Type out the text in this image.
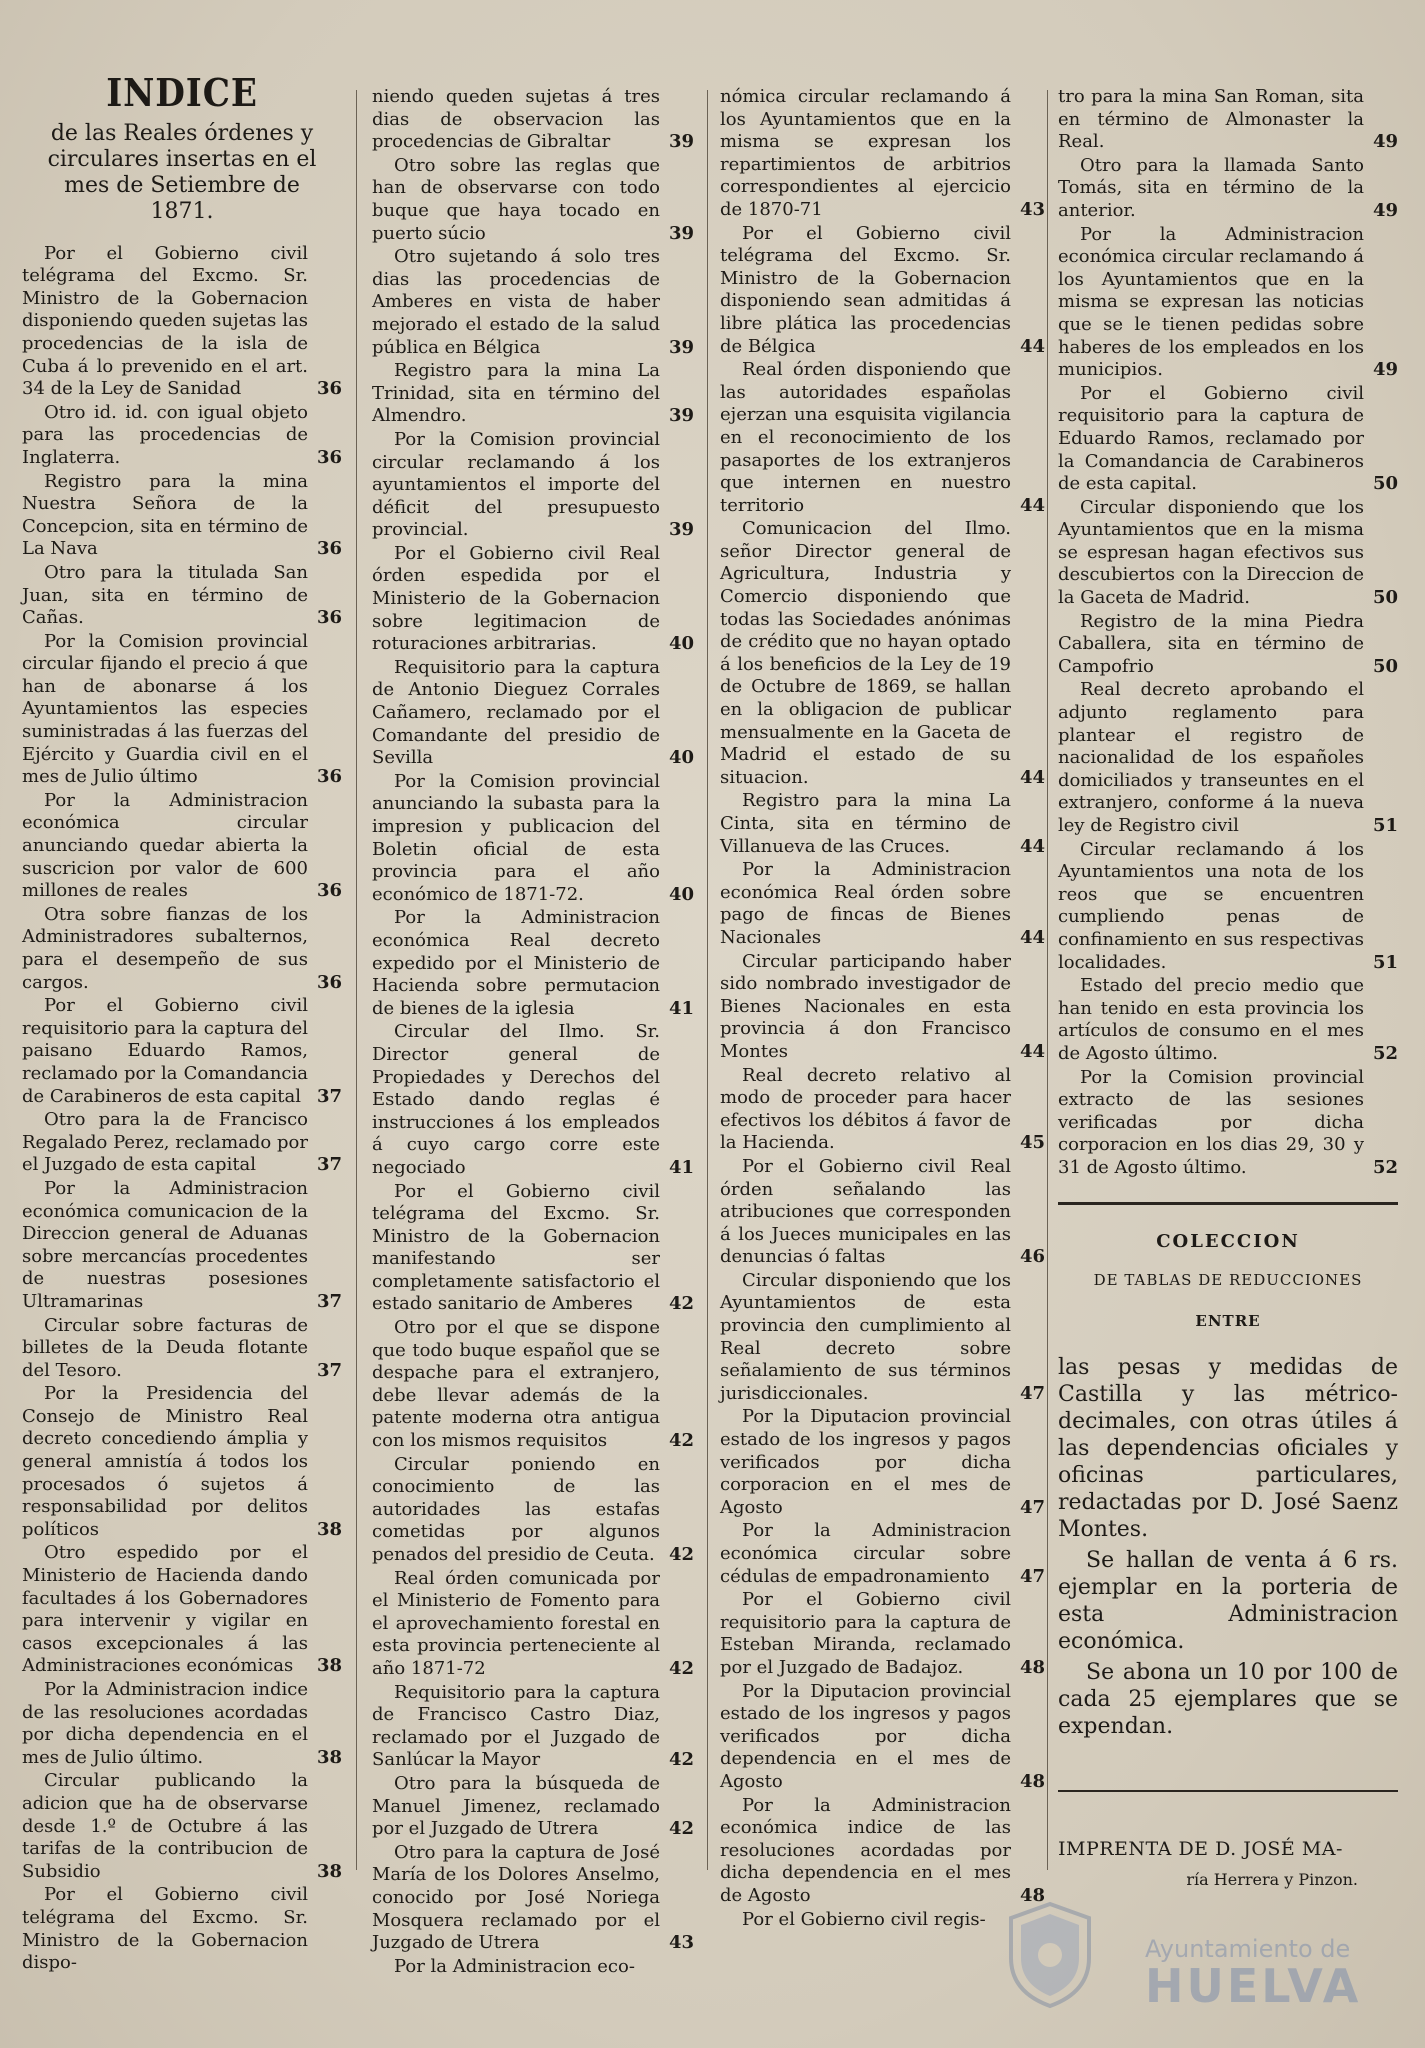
INDICE

de las Reales órdenes y circulares insertas en el mes de Setiembre de 1871.

Por el Gobierno civil telégrama del Excmo. Sr. Ministro de la Gobernacion disponiendo queden sujetas las procedencias de la isla de Cuba á lo prevenido en el art. 34 de la Ley de Sanidad	36

Otro id. id. con igual objeto para las procedencias de Inglaterra.	36

Registro para la mina Nuestra Señora de la Concepcion, sita en término de La Nava	36

Otro para la titulada San Juan, sita en término de Cañas.	36

Por la Comision provincial circular fijando el precio á que han de abonarse á los Ayuntamientos las especies suministradas á las fuerzas del Ejército y Guardia civil en el mes de Julio último	36

Por la Administracion económica circular anunciando quedar abierta la suscricion por valor de 600 millones de reales	36

Otra sobre fianzas de los Administradores subalternos, para el desempeño de sus cargos.	36

Por el Gobierno civil requisitorio para la captura del paisano Eduardo Ramos, reclamado por la Comandancia de Carabineros de esta capital 37

Otro para la de Francisco Regalado Perez, reclamado por el Juzgado de esta capital	37

Por la Administracion económica comunicacion de la Direccion general de Aduanas sobre mercancías procedentes de nuestras posesiones Ultramarinas	37

Circular sobre facturas de billetes de la Deuda flotante del Tesoro.	37

Por la Presidencia del Consejo de Ministro Real decreto concediendo ámplia y general amnistía á todos los procesados ó sujetos á responsabilidad por delitos políticos	38

Otro espedido por el Ministerio de Hacienda dando facultades á los Gobernadores para intervenir y vigilar en casos excepcionales á las Administraciones económicas	38

Por la Administracion indice de las resoluciones acordadas por dicha dependencia en el mes de Julio último.	38

Circular publicando la adicion que ha de observarse desde 1.º de Octubre á las tarifas de la contribucion de Subsidio	38

Por el Gobierno civil telégrama del Excmo. Sr. Ministro de la Gobernacion dispo-

niendo queden sujetas á tres dias de observacion las procedencias de Gibraltar	39

Otro sobre las reglas que han de observarse con todo buque que haya tocado en puerto súcio	39

Otro sujetando á solo tres dias las procedencias de Amberes en vista de haber mejorado el estado de la salud pública en Bélgica	39

Registro para la mina La Trinidad, sita en término del Almendro.	39

Por la Comision provincial circular reclamando á los ayuntamientos el importe del déficit del presupuesto provincial.	39

Por el Gobierno civil Real órden espedida por el Ministerio de la Gobernacion sobre legitimacion de roturaciones arbitrarias.	40

Requisitorio para la captura de Antonio Dieguez Corrales Cañamero, reclamado por el Comandante del presidio de Sevilla	40

Por la Comision provincial anunciando la subasta para la impresion y publicacion del Boletin oficial de esta provincia para el año económico de 1871-72.	40

Por la Administracion económica Real decreto expedido por el Ministerio de Hacienda sobre permutacion de bienes de la iglesia	41

Circular del Ilmo. Sr. Director general de Propiedades y Derechos del Estado dando reglas é instrucciones á los empleados á cuyo cargo corre este negociado	41

Por el Gobierno civil telégrama del Excmo. Sr. Ministro de la Gobernacion manifestando ser completamente satisfactorio el estado sanitario de Amberes	42

Otro por el que se dispone que todo buque español que se despache para el extranjero, debe llevar además de la patente moderna otra antigua con los mismos requisitos	42

Circular poniendo en conocimiento de las autoridades las estafas cometidas por algunos penados del presidio de Ceuta. 42

Real órden comunicada por el Ministerio de Fomento para el aprovechamiento forestal en esta provincia perteneciente al año 1871-72	42

Requisitorio para la captura de Francisco Castro Diaz, reclamado por el Juzgado de Sanlúcar la Mayor	42

Otro para la búsqueda de Manuel Jimenez, reclamado por el Juzgado de Utrera	42

Otro para la captura de José María de los Dolores Anselmo, conocido por José Noriega Mosquera reclamado por el Juzgado de Utrera	43

Por la Administracion eco-

nómica circular reclamando á los Ayuntamientos que en la misma se expresan los repartimientos de arbitrios correspondientes al ejercicio de 1870-71	43

Por el Gobierno civil telégrama del Excmo. Sr. Ministro de la Gobernacion disponiendo sean admitidas á libre plática las procedencias de Bélgica	44

Real órden disponiendo que las autoridades españolas ejerzan una esquisita vigilancia en el reconocimiento de los pasaportes de los extranjeros que internen en nuestro territorio	44

Comunicacion del Ilmo. señor Director general de Agricultura, Industria y Comercio disponiendo que todas las Sociedades anónimas de crédito que no hayan optado á los beneficios de la Ley de 19 de Octubre de 1869, se hallan en la obligacion de publicar mensualmente en la Gaceta de Madrid el estado de su situacion.	44

Registro para la mina La Cinta, sita en término de Villanueva de las Cruces.	44

Por la Administracion económica Real órden sobre pago de fincas de Bienes Nacionales	44

Circular participando haber sido nombrado investigador de Bienes Nacionales en esta provincia á don Francisco Montes	44

Real decreto relativo al modo de proceder para hacer efectivos los débitos á favor de la Hacienda.	45

Por el Gobierno civil Real órden señalando las atribuciones que corresponden á los Jueces municipales en las denuncias ó faltas	46

Circular disponiendo que los Ayuntamientos de esta provincia den cumplimiento al Real decreto sobre señalamiento de sus términos jurisdiccionales.	47

Por la Diputacion provincial estado de los ingresos y pagos verificados por dicha corporacion en el mes de Agosto	47

Por la Administracion económica circular sobre cédulas de empadronamiento	47

Por el Gobierno civil requisitorio para la captura de Esteban Miranda, reclamado por el Juzgado de Badajoz.	48

Por la Diputacion provincial estado de los ingresos y pagos verificados por dicha dependencia en el mes de Agosto	48

Por la Administracion económica indice de las resoluciones acordadas por dicha dependencia en el mes de Agosto	48

Por el Gobierno civil regis-

tro para la mina San Roman, sita en término de Almonaster la Real.	49

Otro para la llamada Santo Tomás, sita en término de la anterior.	49

Por la Administracion económica circular reclamando á los Ayuntamientos que en la misma se expresan las noticias que se le tienen pedidas sobre haberes de los empleados en los municipios.	49

Por el Gobierno civil requisitorio para la captura de Eduardo Ramos, reclamado por la Comandancia de Carabineros de esta capital.	50

Circular disponiendo que los Ayuntamientos que en la misma se espresan hagan efectivos sus descubiertos con la Direccion de la Gaceta de Madrid.	50

Registro de la mina Piedra Caballera, sita en término de Campofrio	50

Real decreto aprobando el adjunto reglamento para plantear el registro de nacionalidad de los españoles domiciliados y transeuntes en el extranjero, conforme á la nueva ley de Registro civil	51

Circular reclamando á los Ayuntamientos una nota de los reos que se encuentren cumpliendo penas de confinamiento en sus respectivas localidades.	51

Estado del precio medio que han tenido en esta provincia los artículos de consumo en el mes de Agosto último.	52

Por la Comision provincial extracto de las sesiones verificadas por dicha corporacion en los dias 29, 30 y 31 de Agosto último.	52

COLECCION
DE TABLAS DE REDUCCIONES
ENTRE

las pesas y medidas de Castilla y las métrico-decimales, con otras útiles á las dependencias oficiales y oficinas particulares, redactadas por D. José Saenz Montes.

Se hallan de venta á 6 rs. ejemplar en la porteria de esta Administracion económica.

Se abona un 10 por 100 de cada 25 ejemplares que se expendan.

IMPRENTA DE D. JOSÉ MA-

ría Herrera y Pinzon.

Ayuntamiento de
HUELVA
